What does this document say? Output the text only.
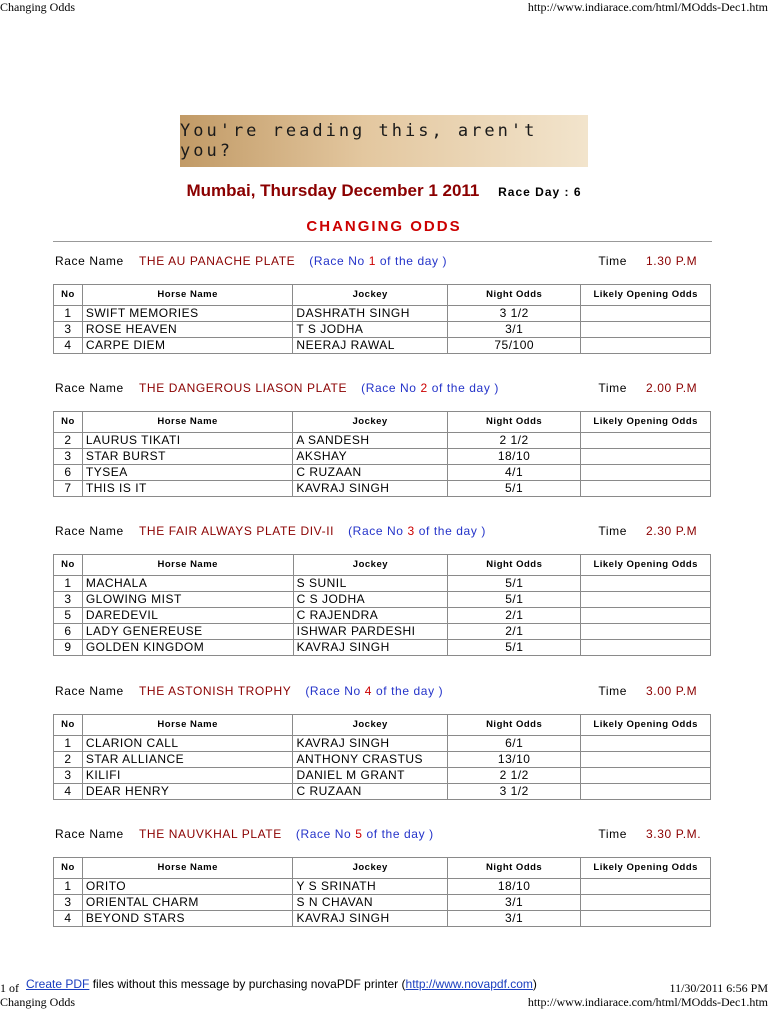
Changing Odds	http://www.indiarace.com/html/MOdds-Dec1.htm
You're reading this, aren't you?
Mumbai, Thursday December 1 2011 Race Day : 6
CHANGING ODDS
Race Name THE AU PANACHE PLATE (Race No 1 of the day )	Time 1.30 P.M
No	Horse Name	Jockey	Night Odds	Likely Opening Odds
1	SWIFT MEMORIES	DASHRATH SINGH	3 1/2	
3	ROSE HEAVEN	T S JODHA	3/1	
4	CARPE DIEM	NEERAJ RAWAL	75/100	
Race Name THE DANGEROUS LIASON PLATE (Race No 2 of the day )	Time 2.00 P.M
No	Horse Name	Jockey	Night Odds	Likely Opening Odds
2	LAURUS TIKATI	A SANDESH	2 1/2	
3	STAR BURST	AKSHAY	18/10	
6	TYSEA	C RUZAAN	4/1	
7	THIS IS IT	KAVRAJ SINGH	5/1	
Race Name THE FAIR ALWAYS PLATE DIV-II (Race No 3 of the day )	Time 2.30 P.M
No	Horse Name	Jockey	Night Odds	Likely Opening Odds
1	MACHALA	S SUNIL	5/1	
3	GLOWING MIST	C S JODHA	5/1	
5	DAREDEVIL	C RAJENDRA	2/1	
6	LADY GENEREUSE	ISHWAR PARDESHI	2/1	
9	GOLDEN KINGDOM	KAVRAJ SINGH	5/1	
Race Name THE ASTONISH TROPHY (Race No 4 of the day )	Time 3.00 P.M
No	Horse Name	Jockey	Night Odds	Likely Opening Odds
1	CLARION CALL	KAVRAJ SINGH	6/1	
2	STAR ALLIANCE	ANTHONY CRASTUS	13/10	
3	KILIFI	DANIEL M GRANT	2 1/2	
4	DEAR HENRY	C RUZAAN	3 1/2	
Race Name THE NAUVKHAL PLATE (Race No 5 of the day )	Time 3.30 P.M.
No	Horse Name	Jockey	Night Odds	Likely Opening Odds
1	ORITO	Y S SRINATH	18/10	
3	ORIENTAL CHARM	S N CHAVAN	3/1	
4	BEYOND STARS	KAVRAJ SINGH	3/1	
1 of Create PDF files without this message by purchasing novaPDF printer (http://www.novapdf.com)	11/30/2011 6:56 PM
Changing Odds	http://www.indiarace.com/html/MOdds-Dec1.htm
